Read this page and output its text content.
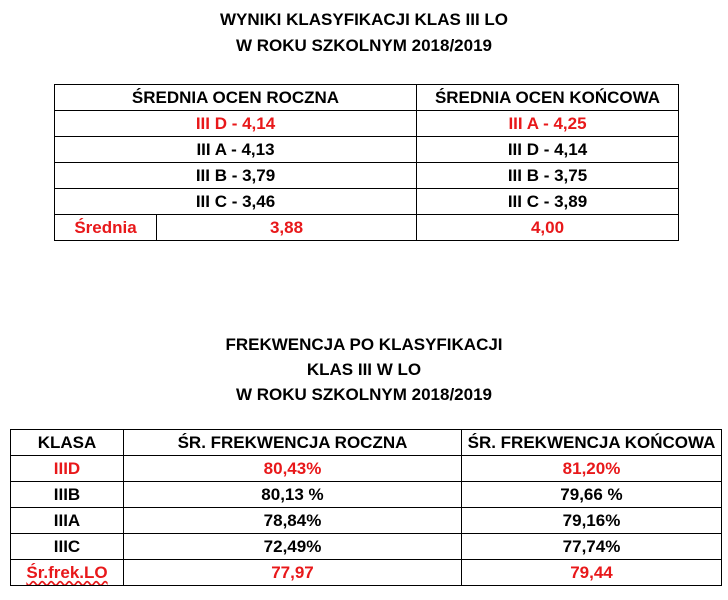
WYNIKI KLASYFIKACJI KLAS III LO
W ROKU SZKOLNYM 2018/2019
ŚREDNIA OCEN ROCZNA		ŚREDNIA OCEN KOŃCOWA
III D - 4,14		III A - 4,25
III A - 4,13		III D - 4,14
III B - 3,79		III B - 3,75
III C - 3,46		III C - 3,89
Średnia	3,88	4,00
FREKWENCJA PO KLASYFIKACJI
KLAS III W LO
W ROKU SZKOLNYM 2018/2019
KLASA	ŚR. FREKWENCJA ROCZNA	ŚR. FREKWENCJA KOŃCOWA
IIID	80,43%	81,20%
IIIB	80,13 %	79,66 %
IIIA	78,84%	79,16%
IIIC	72,49%	77,74%
Śr.frek.LO	77,97	79,44
